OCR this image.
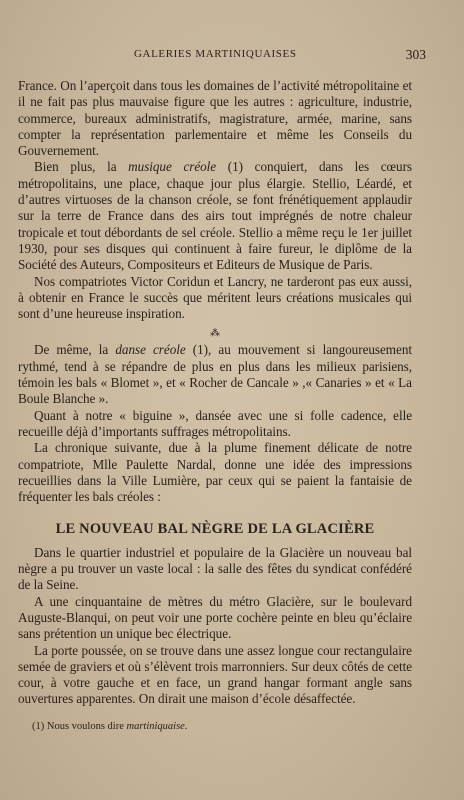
GALERIES MARTINIQUAISES	303

France. On l’aperçoit dans tous les domaines de l’activité métropolitaine et il ne fait pas plus mauvaise figure que les autres : agriculture, industrie, commerce, bureaux administratifs, magistrature, armée, marine, sans compter la représentation parlementaire et même les Conseils du Gouvernement.

Bien plus, la musique créole (1) conquiert, dans les cœurs métropolitains, une place, chaque jour plus élargie. Stellio, Léardé, et d’autres virtuoses de la chanson créole, se font frénétiquement applaudir sur la terre de France dans des airs tout imprégnés de notre chaleur tropicale et tout débordants de sel créole. Stellio a même reçu le 1er juillet 1930, pour ses disques qui continuent à faire fureur, le diplôme de la Société des Auteurs, Compositeurs et Editeurs de Musique de Paris.

Nos compatriotes Victor Coridun et Lancry, ne tarderont pas eux aussi, à obtenir en France le succès que méritent leurs créations musicales qui sont d’une heureuse inspiration.

⁂

De même, la danse créole (1), au mouvement si langoureusement rythmé, tend à se répandre de plus en plus dans les milieux parisiens, témoin les bals « Blomet », et « Rocher de Cancale » ,« Canaries » et « La Boule Blanche ».

Quant à notre « biguine », dansée avec une si folle cadence, elle recueille déjà d’importants suffrages métropolitains.

La chronique suivante, due à la plume finement délicate de notre compatriote, Mlle Paulette Nardal, donne une idée des impressions recueillies dans la Ville Lumière, par ceux qui se paient la fantaisie de fréquenter les bals créoles :

LE NOUVEAU BAL NÈGRE DE LA GLACIÈRE

Dans le quartier industriel et populaire de la Glacière un nouveau bal nègre a pu trouver un vaste local : la salle des fêtes du syndicat confédéré de la Seine.

A une cinquantaine de mètres du métro Glacière, sur le boulevard Auguste-Blanqui, on peut voir une porte cochère peinte en bleu qu’éclaire sans prétention un unique bec électrique.

La porte poussée, on se trouve dans une assez longue cour rectangulaire semée de graviers et où s’élèvent trois marronniers. Sur deux côtés de cette cour, à votre gauche et en face, un grand hangar formant angle sans ouvertures apparentes. On dirait une maison d’école désaffectée.

(1) Nous voulons dire martiniquaise.
